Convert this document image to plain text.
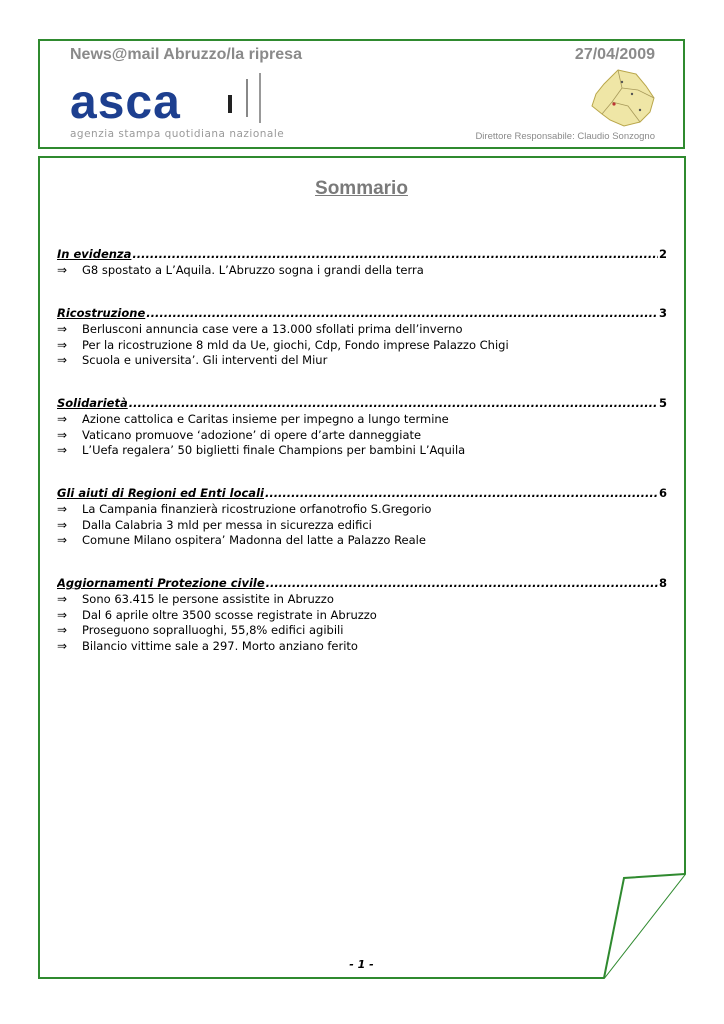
News@mail Abruzzo/la ripresa	27/04/2009
asca
agenzia stampa quotidiana nazionale	Direttore Responsabile: Claudio Sonzogno
Sommario
In evidenza .....	2
⇒	G8 spostato a L’Aquila. L’Abruzzo sogna i grandi della terra
Ricostruzione .....	3
⇒	Berlusconi annuncia case vere a 13.000 sfollati prima dell’inverno
⇒	Per la ricostruzione 8 mld da Ue, giochi, Cdp, Fondo imprese Palazzo Chigi
⇒	Scuola e universita’. Gli interventi del Miur
Solidarietà .....	5
⇒	Azione cattolica e Caritas insieme per impegno a lungo termine
⇒	Vaticano promuove ‘adozione’ di opere d’arte danneggiate
⇒	L’Uefa regalera’ 50 biglietti finale Champions per bambini L’Aquila
Gli aiuti di Regioni ed Enti locali .....	6
⇒	La Campania finanzierà ricostruzione orfanotrofio S.Gregorio
⇒	Dalla Calabria 3 mld per messa in sicurezza edifici
⇒	Comune Milano ospitera’ Madonna del latte a Palazzo Reale
Aggiornamenti Protezione civile .....	8
⇒	Sono 63.415 le persone assistite in Abruzzo
⇒	Dal 6 aprile oltre 3500 scosse registrate in Abruzzo
⇒	Proseguono sopralluoghi, 55,8% edifici agibili
⇒	Bilancio vittime sale a 297. Morto anziano ferito
- 1 -
